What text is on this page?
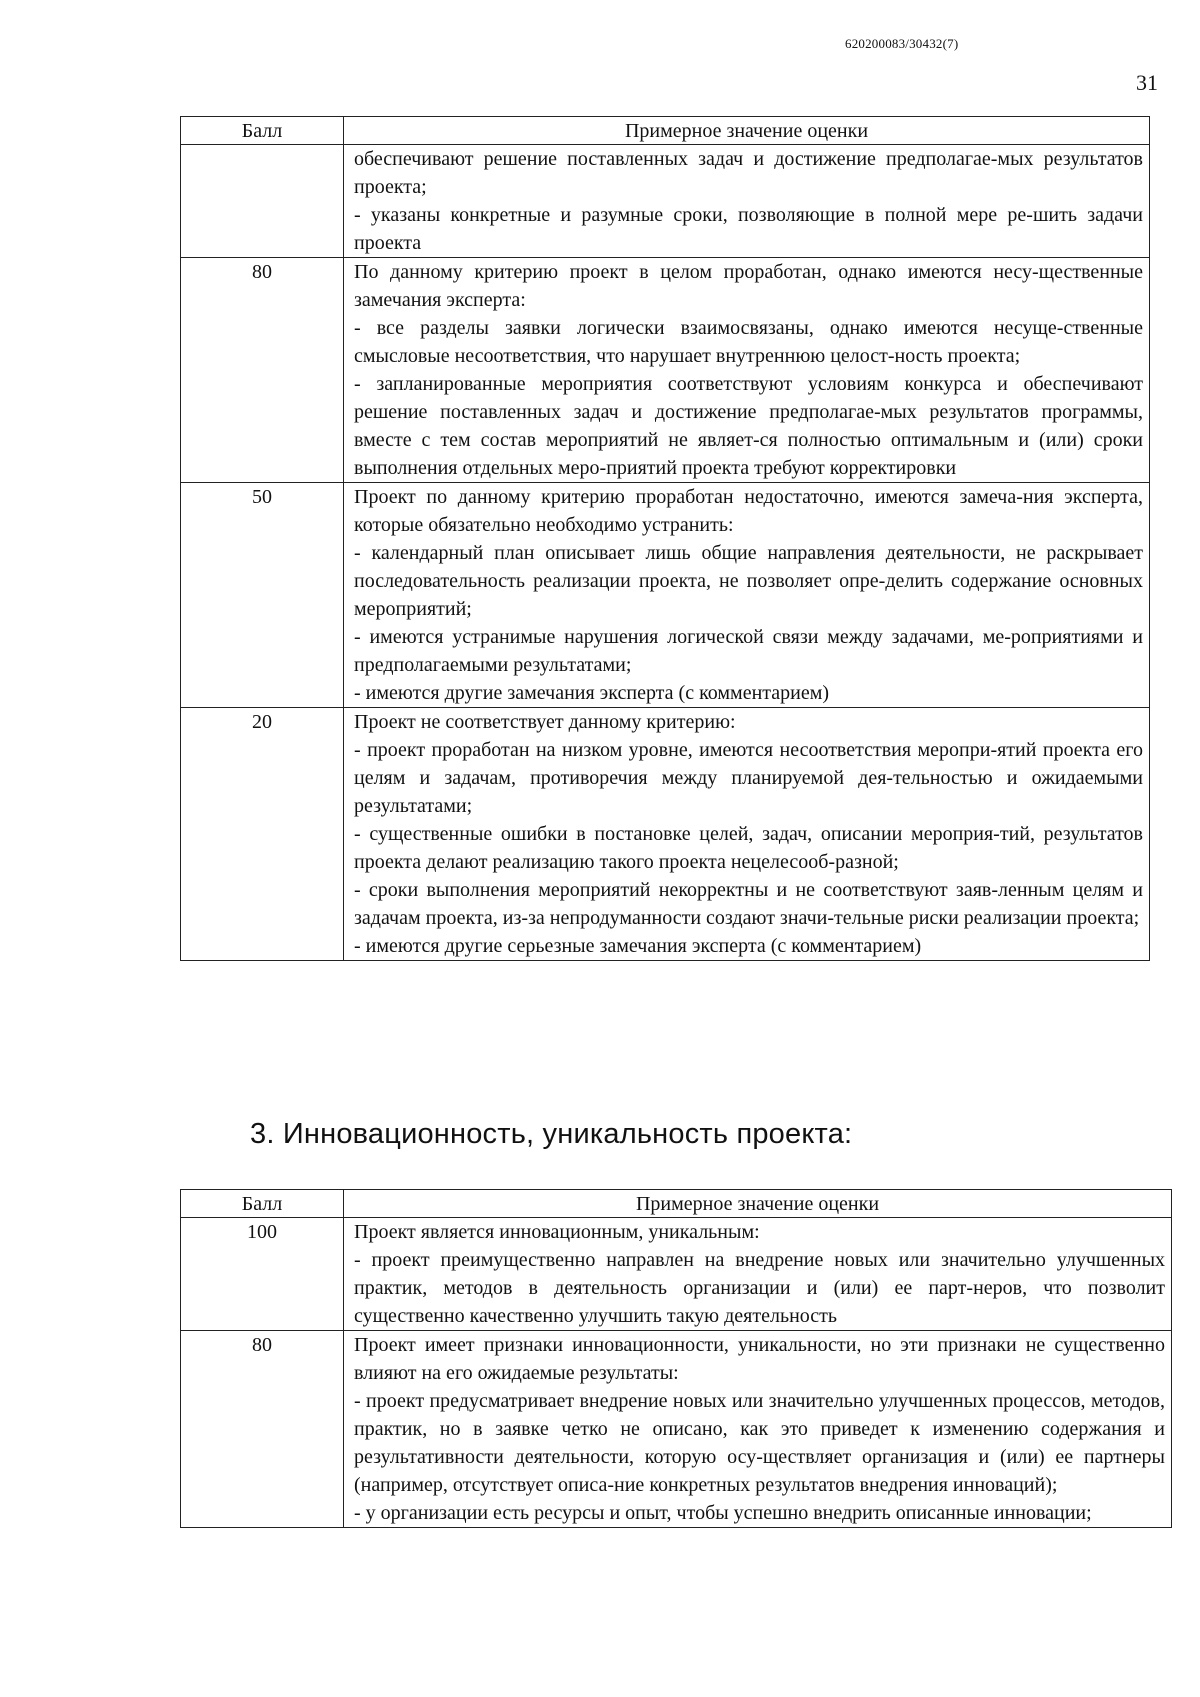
620200083/30432(7)
31
Балл	Примерное значение оценки

	обеспечивают решение поставленных задач и достижение предполагае-мых результатов проекта;
- указаны конкретные и разумные сроки, позволяющие в полной мере ре-шить задачи проекта

80	По данному критерию проект в целом проработан, однако имеются несу-щественные замечания эксперта:
- все разделы заявки логически взаимосвязаны, однако имеются несуще-ственные смысловые несоответствия, что нарушает внутреннюю целост-ность проекта;
- запланированные мероприятия соответствуют условиям конкурса и обеспечивают решение поставленных задач и достижение предполагае-мых результатов программы, вместе с тем состав мероприятий не являет-ся полностью оптимальным и (или) сроки выполнения отдельных меро-приятий проекта требуют корректировки

50	Проект по данному критерию проработан недостаточно, имеются замеча-ния эксперта, которые обязательно необходимо устранить:
- календарный план описывает лишь общие направления деятельности, не раскрывает последовательность реализации проекта, не позволяет опре-делить содержание основных мероприятий;
- имеются устранимые нарушения логической связи между задачами, ме-роприятиями и предполагаемыми результатами;
- имеются другие замечания эксперта (с комментарием)

20	Проект не соответствует данному критерию:
- проект проработан на низком уровне, имеются несоответствия меропри-ятий проекта его целям и задачам, противоречия между планируемой дея-тельностью и ожидаемыми результатами;
- существенные ошибки в постановке целей, задач, описании мероприя-тий, результатов проекта делают реализацию такого проекта нецелесооб-разной;
- сроки выполнения мероприятий некорректны и не соответствуют заяв-ленным целям и задачам проекта, из-за непродуманности создают значи-тельные риски реализации проекта;
- имеются другие серьезные замечания эксперта (с комментарием)
3. Инновационность, уникальность проекта:
Балл	Примерное значение оценки
100	Проект является инновационным, уникальным:
- проект преимущественно направлен на внедрение новых или значительно улучшенных практик, методов в деятельность организации и (или) ее парт-неров, что позволит существенно качественно улучшить такую деятельность

80	Проект имеет признаки инновационности, уникальности, но эти признаки не существенно влияют на его ожидаемые результаты:
- проект предусматривает внедрение новых или значительно улучшенных процессов, методов, практик, но в заявке четко не описано, как это приведет к изменению содержания и результативности деятельности, которую осу-ществляет организация и (или) ее партнеры (например, отсутствует описа-ние конкретных результатов внедрения инноваций);
- у организации есть ресурсы и опыт, чтобы успешно внедрить описанные инновации;
